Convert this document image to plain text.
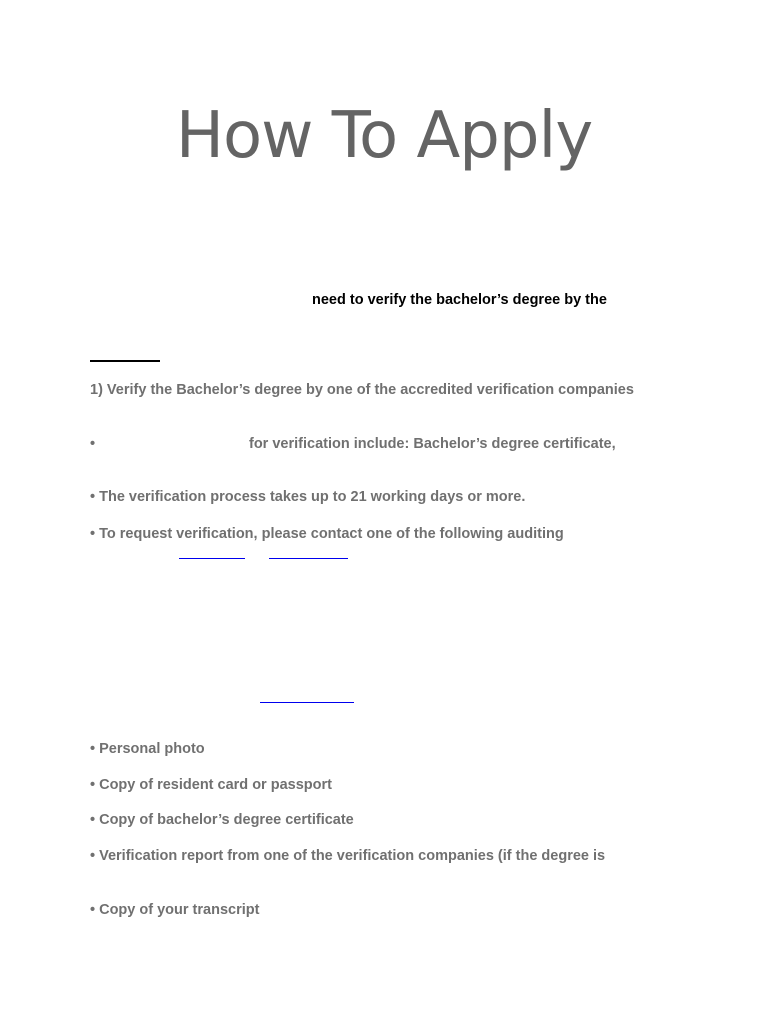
How To Apply
need to verify the bachelor’s degree by the
1) Verify the Bachelor’s degree by one of the accredited verification companies
•	for verification include: Bachelor’s degree certificate,
• The verification process takes up to 21 working days or more.
• To request verification, please contact one of the following auditing
• Personal photo
• Copy of resident card or passport
• Copy of bachelor’s degree certificate
• Verification report from one of the verification companies (if the degree is
• Copy of your transcript
